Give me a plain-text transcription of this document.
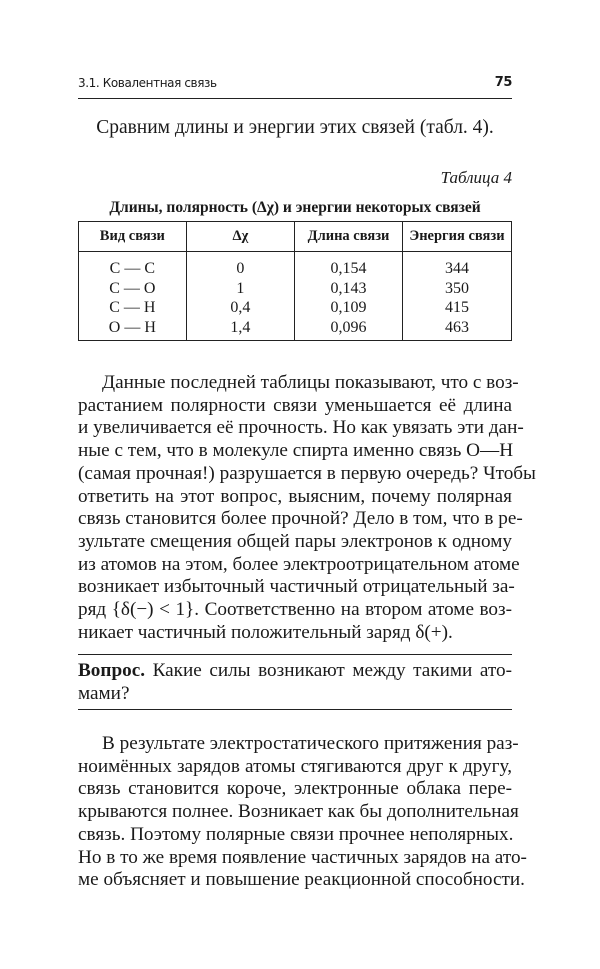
3.1. Ковалентная связь	75
Сравним длины и энергии этих связей (табл. 4).
Таблица 4
Длины, полярность (Δχ) и энергии некоторых связей
Вид связи	Δχ	Длина связи	Энергия связи
C — C	0	0,154	344
C — O	1	0,143	350
C — H	0,4	0,109	415
O — H	1,4	0,096	463
Данные последней таблицы показывают, что с воз-
растанием полярности связи уменьшается её длина
и увеличивается её прочность. Но как увязать эти дан-
ные с тем, что в молекуле спирта именно связь O—H
(самая прочная!) разрушается в первую очередь? Чтобы
ответить на этот вопрос, выясним, почему полярная
связь становится более прочной? Дело в том, что в ре-
зультате смещения общей пары электронов к одному
из атомов на этом, более электроотрицательном атоме
возникает избыточный частичный отрицательный за-
ряд {δ(−) < 1}. Соответственно на втором атоме воз-
никает частичный положительный заряд δ(+).
Вопрос. Какие силы возникают между такими ато-
мами?
В результате электростатического притяжения раз-
ноимённых зарядов атомы стягиваются друг к другу,
связь становится короче, электронные облака пере-
крываются полнее. Возникает как бы дополнительная
связь. Поэтому полярные связи прочнее неполярных.
Но в то же время появление частичных зарядов на ато-
ме объясняет и повышение реакционной способности.
